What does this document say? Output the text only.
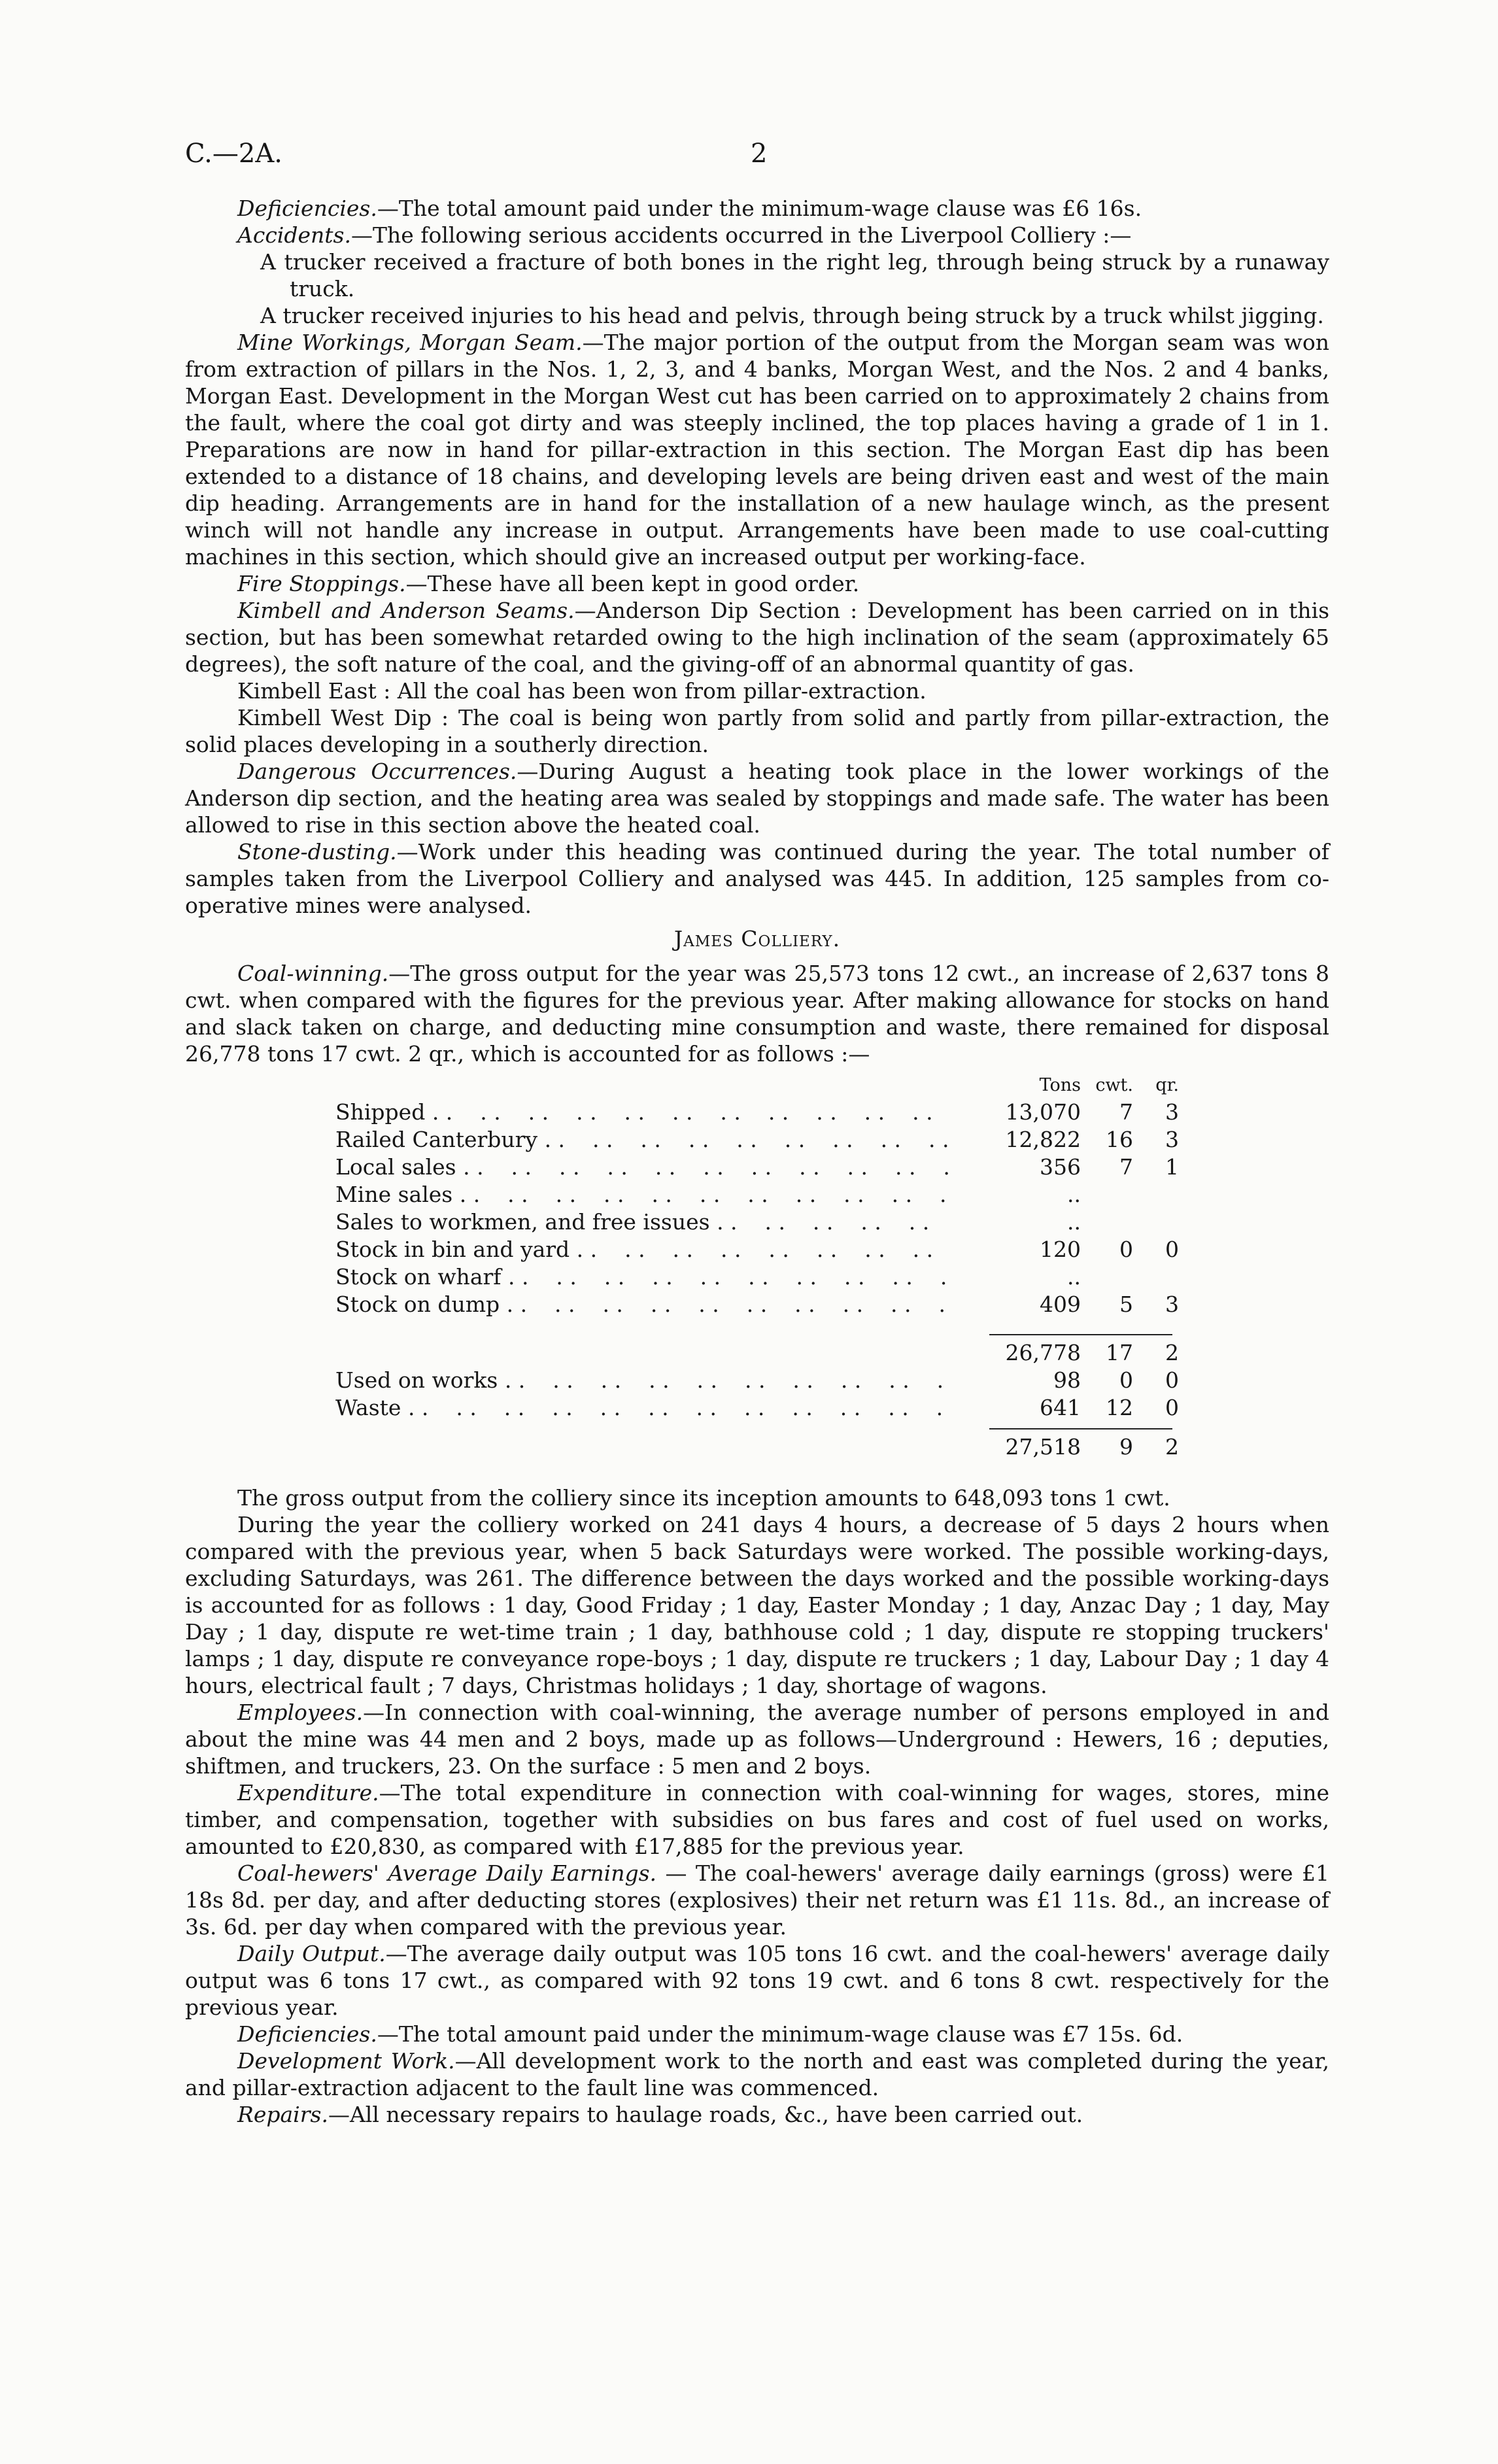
C.—2A.	2

Deficiencies.—The total amount paid under the minimum-wage clause was £6 16s.

Accidents.—The following serious accidents occurred in the Liverpool Colliery :—

A trucker received a fracture of both bones in the right leg, through being struck by a runaway truck.

A trucker received injuries to his head and pelvis, through being struck by a truck whilst jigging.

Mine Workings, Morgan Seam.—The major portion of the output from the Morgan seam was won from extraction of pillars in the Nos. 1, 2, 3, and 4 banks, Morgan West, and the Nos. 2 and 4 banks, Morgan East. Development in the Morgan West cut has been carried on to approximately 2 chains from the fault, where the coal got dirty and was steeply inclined, the top places having a grade of 1 in 1. Preparations are now in hand for pillar-extraction in this section. The Morgan East dip has been extended to a distance of 18 chains, and developing levels are being driven east and west of the main dip heading. Arrangements are in hand for the installation of a new haulage winch, as the present winch will not handle any increase in output. Arrangements have been made to use coal-cutting machines in this section, which should give an increased output per working-face.

Fire Stoppings.—These have all been kept in good order.

Kimbell and Anderson Seams.—Anderson Dip Section : Development has been carried on in this section, but has been somewhat retarded owing to the high inclination of the seam (approximately 65 degrees), the soft nature of the coal, and the giving-off of an abnormal quantity of gas.

Kimbell East : All the coal has been won from pillar-extraction.

Kimbell West Dip : The coal is being won partly from solid and partly from pillar-extraction, the solid places developing in a southerly direction.

Dangerous Occurrences.—During August a heating took place in the lower workings of the Anderson dip section, and the heating area was sealed by stoppings and made safe. The water has been allowed to rise in this section above the heated coal.

Stone-dusting.—Work under this heading was continued during the year. The total number of samples taken from the Liverpool Colliery and analysed was 445. In addition, 125 samples from co-operative mines were analysed.

James Colliery.

Coal-winning.—The gross output for the year was 25,573 tons 12 cwt., an increase of 2,637 tons 8 cwt. when compared with the figures for the previous year. After making allowance for stocks on hand and slack taken on charge, and deducting mine consumption and waste, there remained for disposal 26,778 tons 17 cwt. 2 qr., which is accounted for as follows :—

Tons cwt.	qr.
Shipped . .	13,070	7	3
Railed Canterbury . .	12,822	16	3
Local sales . .	356	7	1
Mine sales . .	..
Sales to workmen, and free issues . .	..
Stock in bin and yard . .	120	0	0
Stock on wharf . .	..
Stock on dump . .	409	5	3
26,778	17	2
Used on works . .	98	0	0
Waste . .	641	12	0
27,518	9	2

The gross output from the colliery since its inception amounts to 648,093 tons 1 cwt.

During the year the colliery worked on 241 days 4 hours, a decrease of 5 days 2 hours when compared with the previous year, when 5 back Saturdays were worked. The possible working-days, excluding Saturdays, was 261. The difference between the days worked and the possible working-days is accounted for as follows : 1 day, Good Friday ; 1 day, Easter Monday ; 1 day, Anzac Day ; 1 day, May Day ; 1 day, dispute re wet-time train ; 1 day, bathhouse cold ; 1 day, dispute re stopping truckers' lamps ; 1 day, dispute re conveyance rope-boys ; 1 day, dispute re truckers ; 1 day, Labour Day ; 1 day 4 hours, electrical fault ; 7 days, Christmas holidays ; 1 day, shortage of wagons.

Employees.—In connection with coal-winning, the average number of persons employed in and about the mine was 44 men and 2 boys, made up as follows—Underground : Hewers, 16 ; deputies, shiftmen, and truckers, 23. On the surface : 5 men and 2 boys.

Expenditure.—The total expenditure in connection with coal-winning for wages, stores, mine timber, and compensation, together with subsidies on bus fares and cost of fuel used on works, amounted to £20,830, as compared with £17,885 for the previous year.

Coal-hewers' Average Daily Earnings. — The coal-hewers' average daily earnings (gross) were £1 18s 8d. per day, and after deducting stores (explosives) their net return was £1 11s. 8d., an increase of 3s. 6d. per day when compared with the previous year.

Daily Output.—The average daily output was 105 tons 16 cwt. and the coal-hewers' average daily output was 6 tons 17 cwt., as compared with 92 tons 19 cwt. and 6 tons 8 cwt. respectively for the previous year.

Deficiencies.—The total amount paid under the minimum-wage clause was £7 15s. 6d.

Development Work.—All development work to the north and east was completed during the year, and pillar-extraction adjacent to the fault line was commenced.

Repairs.—All necessary repairs to haulage roads, &c., have been carried out.
